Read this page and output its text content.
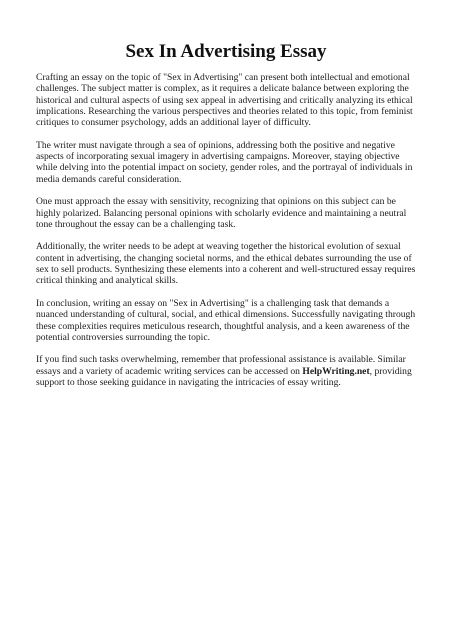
Sex In Advertising Essay

Crafting an essay on the topic of "Sex in Advertising" can present both intellectual and emotional challenges. The subject matter is complex, as it requires a delicate balance between exploring the historical and cultural aspects of using sex appeal in advertising and critically analyzing its ethical implications. Researching the various perspectives and theories related to this topic, from feminist critiques to consumer psychology, adds an additional layer of difficulty.

The writer must navigate through a sea of opinions, addressing both the positive and negative aspects of incorporating sexual imagery in advertising campaigns. Moreover, staying objective while delving into the potential impact on society, gender roles, and the portrayal of individuals in media demands careful consideration.

One must approach the essay with sensitivity, recognizing that opinions on this subject can be highly polarized. Balancing personal opinions with scholarly evidence and maintaining a neutral tone throughout the essay can be a challenging task.

Additionally, the writer needs to be adept at weaving together the historical evolution of sexual content in advertising, the changing societal norms, and the ethical debates surrounding the use of sex to sell products. Synthesizing these elements into a coherent and well-structured essay requires critical thinking and analytical skills.

In conclusion, writing an essay on "Sex in Advertising" is a challenging task that demands a nuanced understanding of cultural, social, and ethical dimensions. Successfully navigating through these complexities requires meticulous research, thoughtful analysis, and a keen awareness of the potential controversies surrounding the topic.

If you find such tasks overwhelming, remember that professional assistance is available. Similar essays and a variety of academic writing services can be accessed on HelpWriting.net, providing support to those seeking guidance in navigating the intricacies of essay writing.
